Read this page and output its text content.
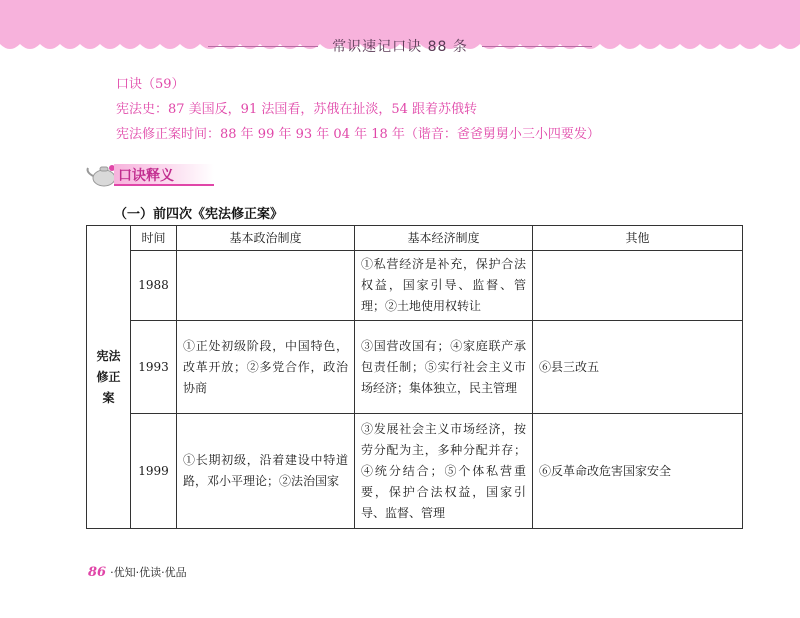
常识速记口诀 88 条
口诀（59）
宪法史：87 美国反，91 法国看，苏俄在扯淡，54 跟着苏俄转
宪法修正案时间：88 年 99 年 93 年 04 年 18 年（谐音：爸爸舅舅小三小四要发）
口诀释义
（一）前四次《宪法修正案》
宪法修正案	时间	基本政治制度	基本经济制度	其他
	1988		①私营经济是补充，保护合法权益，国家引导、监督、管理；②土地使用权转让	
	1993	①正处初级阶段，中国特色，改革开放；②多党合作，政治协商	③国营改国有；④家庭联产承包责任制；⑤实行社会主义市场经济；集体独立，民主管理	⑥县三改五
	1999	①长期初级，沿着建设中特道路，邓小平理论；②法治国家	③发展社会主义市场经济，按劳分配为主，多种分配并存；④统分结合；⑤个体私营重要，保护合法权益，国家引导、监督、管理	⑥反革命改危害国家安全
86 ·优知·优读·优品
